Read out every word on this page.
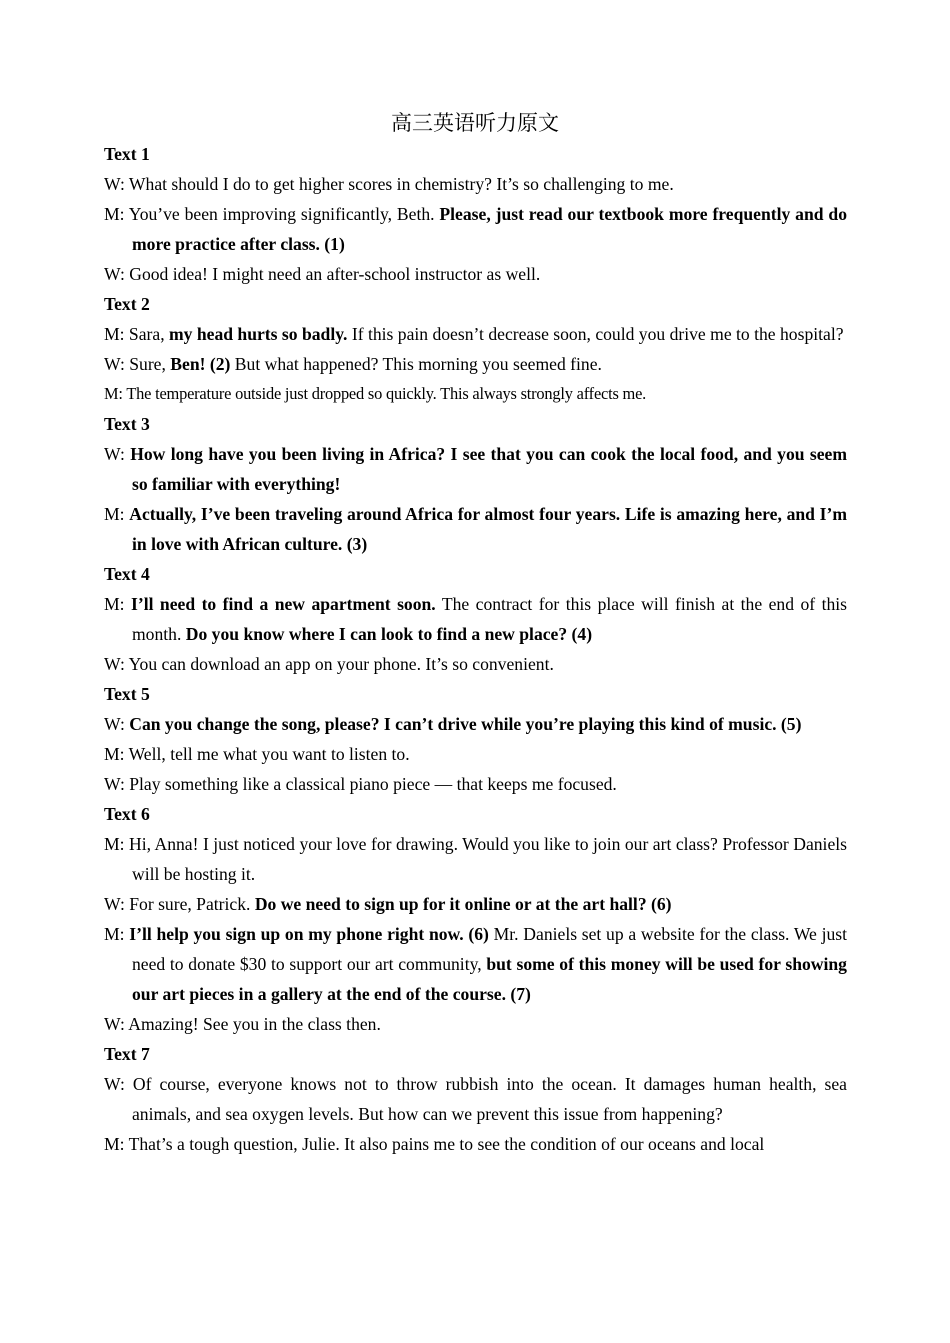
高三英语听力原文
Text 1
W: What should I do to get higher scores in chemistry? It’s so challenging to me.
M: You’ve been improving significantly, Beth. Please, just read our textbook more frequently and do more practice after class. (1)
W: Good idea! I might need an after-school instructor as well.
Text 2
M: Sara, my head hurts so badly. If this pain doesn’t decrease soon, could you drive me to the hospital?
W: Sure, Ben! (2) But what happened? This morning you seemed fine.
M: The temperature outside just dropped so quickly. This always strongly affects me.
Text 3
W: How long have you been living in Africa? I see that you can cook the local food, and you seem so familiar with everything!
M: Actually, I’ve been traveling around Africa for almost four years. Life is amazing here, and I’m in love with African culture. (3)
Text 4
M: I’ll need to find a new apartment soon. The contract for this place will finish at the end of this month. Do you know where I can look to find a new place? (4)
W: You can download an app on your phone. It’s so convenient.
Text 5
W: Can you change the song, please? I can’t drive while you’re playing this kind of music. (5)
M: Well, tell me what you want to listen to.
W: Play something like a classical piano piece — that keeps me focused.
Text 6
M: Hi, Anna! I just noticed your love for drawing. Would you like to join our art class? Professor Daniels will be hosting it.
W: For sure, Patrick. Do we need to sign up for it online or at the art hall? (6)
M: I’ll help you sign up on my phone right now. (6) Mr. Daniels set up a website for the class. We just need to donate $30 to support our art community, but some of this money will be used for showing our art pieces in a gallery at the end of the course. (7)
W: Amazing! See you in the class then.
Text 7
W: Of course, everyone knows not to throw rubbish into the ocean. It damages human health, sea animals, and sea oxygen levels. But how can we prevent this issue from happening?
M: That’s a tough question, Julie. It also pains me to see the condition of our oceans and local
